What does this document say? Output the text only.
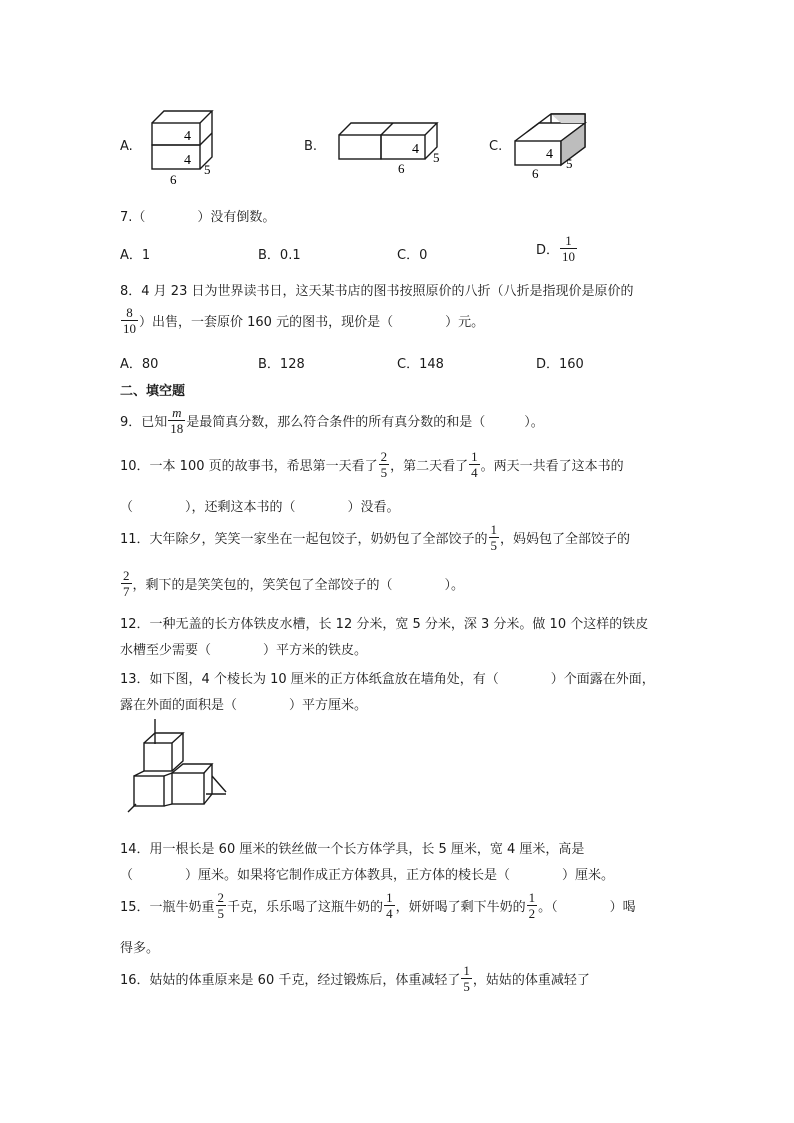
A.
4
4
6
5
B.	4
6
5
C.
4
6
5
7.（　　　　）没有倒数。
A．1	B．0.1	C．0	D． $\frac{1}{10}$
8．4 月 23 日为世界读书日，这天某书店的图书按照原价的八折（八折是指现价是原价的
$\frac{8}{10}$ ）出售，一套原价 160 元的图书，现价是（　　　　）元。
A．80	B．128	C．148	D．160
二、填空题
9．已知 $\frac{m}{18}$ 是最简真分数，那么符合条件的所有真分数的和是（　　　）。
10．一本 100 页的故事书，希思第一天看了 $\frac{2}{5}$ ，第二天看了 $\frac{1}{4}$ 。两天一共看了这本书的
（　　　　），还剩这本书的（　　　　）没看。
11．大年除夕，笑笑一家坐在一起包饺子，奶奶包了全部饺子的 $\frac{1}{5}$ ，妈妈包了全部饺子的
$\frac{2}{7}$ ，剩下的是笑笑包的，笑笑包了全部饺子的（　　　　）。
12．一种无盖的长方体铁皮水槽，长 12 分米，宽 5 分米，深 3 分米。做 10 个这样的铁皮
水槽至少需要（　　　　）平方米的铁皮。
13．如下图，4 个棱长为 10 厘米的正方体纸盒放在墙角处，有（　　　　）个面露在外面，
露在外面的面积是（　　　　）平方厘米。
14．用一根长是 60 厘米的铁丝做一个长方体学具，长 5 厘米，宽 4 厘米，高是
（　　　　）厘米。如果将它制作成正方体教具，正方体的棱长是（　　　　）厘米。
15．一瓶牛奶重 $\frac{2}{5}$ 千克，乐乐喝了这瓶牛奶的 $\frac{1}{4}$ ，妍妍喝了剩下牛奶的 $\frac{1}{2}$ 。（　　　　）喝
得多。
16．姑姑的体重原来是 60 千克，经过锻炼后，体重减轻了 $\frac{1}{5}$ ，姑姑的体重减轻了
